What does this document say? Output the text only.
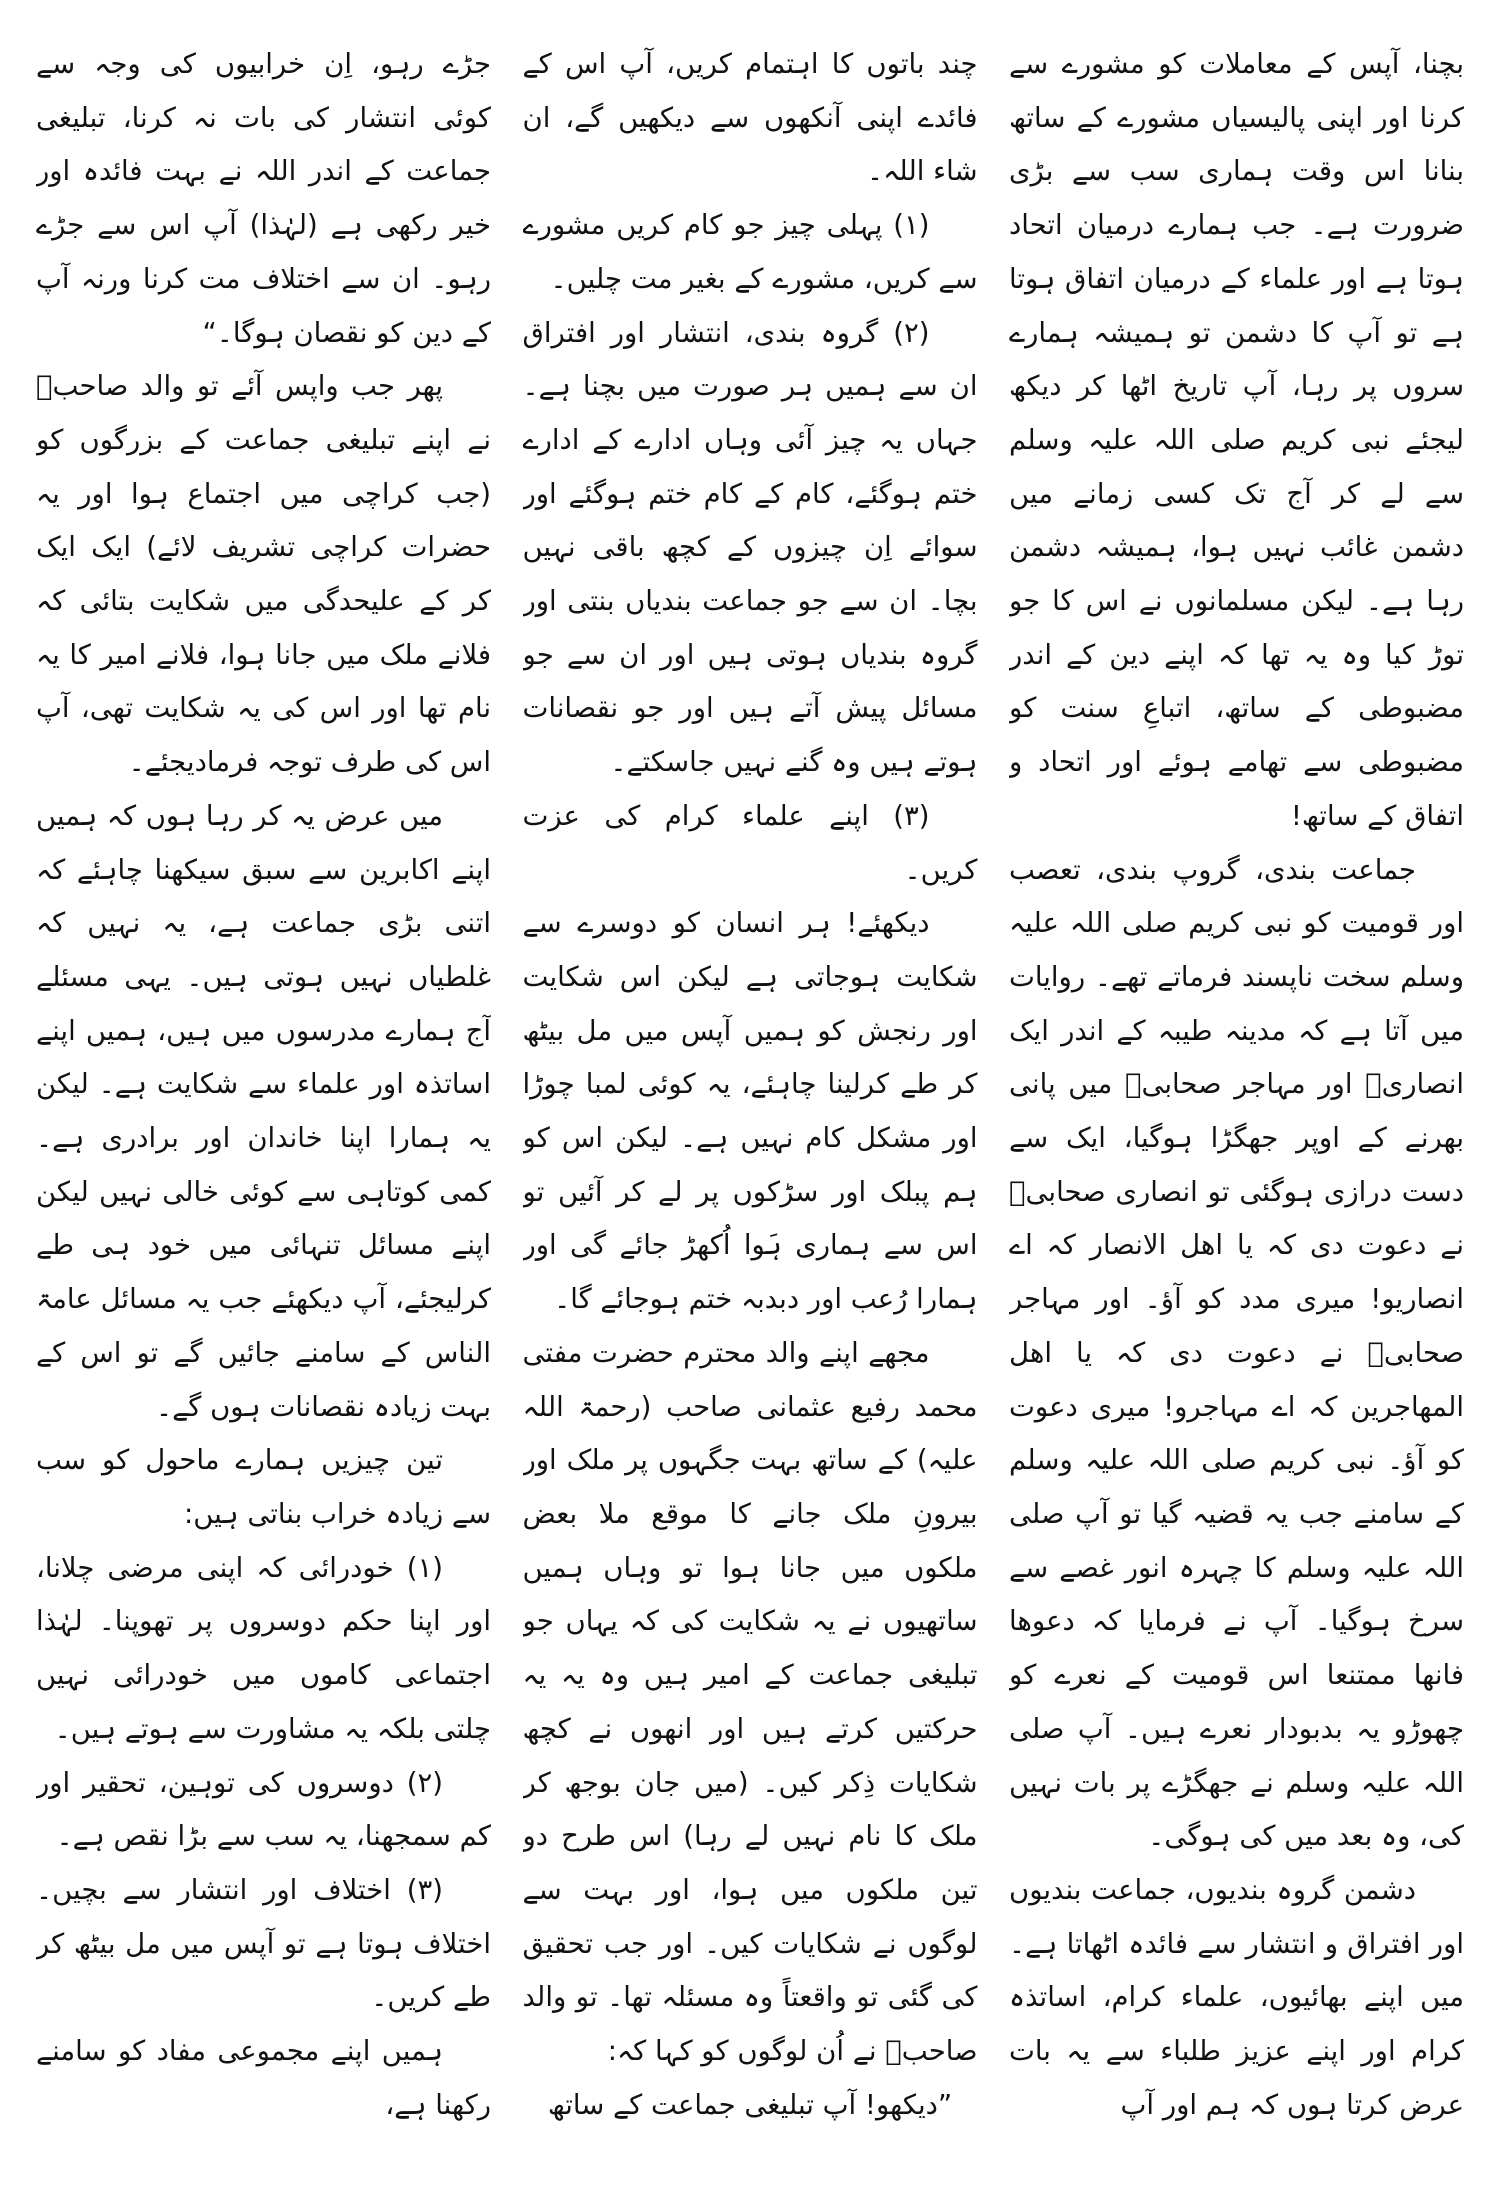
جڑے رہو، اِن خرابیوں کی وجہ سے کوئی انتشار کی بات نہ کرنا، تبلیغی جماعت کے اندر اللہ نے بہت فائدہ اور خیر رکھی ہے (لہٰذا) آپ اس سے جڑے رہو۔ ان سے اختلاف مت کرنا ورنہ آپ کے دین کو نقصان ہوگا۔“
پھر جب واپس آئے تو والد صاحبؒ نے اپنے تبلیغی جماعت کے بزرگوں کو (جب کراچی میں اجتماع ہوا اور یہ حضرات کراچی تشریف لائے) ایک ایک کر کے علیحدگی میں شکایت بتائی کہ فلانے ملک میں جانا ہوا، فلانے امیر کا یہ نام تھا اور اس کی یہ شکایت تھی، آپ اس کی طرف توجہ فرمادیجئے۔
میں عرض یہ کر رہا ہوں کہ ہمیں اپنے اکابرین سے سبق سیکھنا چاہئے کہ اتنی بڑی جماعت ہے، یہ نہیں کہ غلطیاں نہیں ہوتی ہیں۔ یہی مسئلے آج ہمارے مدرسوں میں ہیں، ہمیں اپنے اساتذہ اور علماء سے شکایت ہے۔ لیکن یہ ہمارا اپنا خاندان اور برادری ہے۔ کمی کوتاہی سے کوئی خالی نہیں لیکن اپنے مسائل تنہائی میں خود ہی طے کرلیجئے، آپ دیکھئے جب یہ مسائل عامۃ الناس کے سامنے جائیں گے تو اس کے بہت زیادہ نقصانات ہوں گے۔
تین چیزیں ہمارے ماحول کو سب سے زیادہ خراب بناتی ہیں:
(۱) خودرائی کہ اپنی مرضی چلانا، اور اپنا حکم دوسروں پر تھوپنا۔ لہٰذا اجتماعی کاموں میں خودرائی نہیں چلتی بلکہ یہ مشاورت سے ہوتے ہیں۔
(۲) دوسروں کی توہین، تحقیر اور کم سمجھنا، یہ سب سے بڑا نقص ہے۔
(۳) اختلاف اور انتشار سے بچیں۔ اختلاف ہوتا ہے تو آپس میں مل بیٹھ کر طے کریں۔
ہمیں اپنے مجموعی مفاد کو سامنے رکھنا ہے،
چند باتوں کا اہتمام کریں، آپ اس کے فائدے اپنی آنکھوں سے دیکھیں گے، ان شاء اللہ۔
(۱) پہلی چیز جو کام کریں مشورے سے کریں، مشورے کے بغیر مت چلیں۔
(۲) گروہ بندی، انتشار اور افتراق ان سے ہمیں ہر صورت میں بچنا ہے۔ جہاں یہ چیز آئی وہاں ادارے کے ادارے ختم ہوگئے، کام کے کام ختم ہوگئے اور سوائے اِن چیزوں کے کچھ باقی نہیں بچا۔ ان سے جو جماعت بندیاں بنتی اور گروہ بندیاں ہوتی ہیں اور ان سے جو مسائل پیش آتے ہیں اور جو نقصانات ہوتے ہیں وہ گنے نہیں جاسکتے۔
(۳) اپنے علماء کرام کی عزت کریں۔
دیکھئے! ہر انسان کو دوسرے سے شکایت ہوجاتی ہے لیکن اس شکایت اور رنجش کو ہمیں آپس میں مل بیٹھ کر طے کرلینا چاہئے، یہ کوئی لمبا چوڑا اور مشکل کام نہیں ہے۔ لیکن اس کو ہم پبلک اور سڑکوں پر لے کر آئیں تو اس سے ہماری ہَوا اُکھڑ جائے گی اور ہمارا رُعب اور دبدبہ ختم ہوجائے گا۔
مجھے اپنے والد محترم حضرت مفتی محمد رفیع عثمانی صاحب (رحمۃ اللہ علیہ) کے ساتھ بہت جگہوں پر ملک اور بیرونِ ملک جانے کا موقع ملا بعض ملکوں میں جانا ہوا تو وہاں ہمیں ساتھیوں نے یہ شکایت کی کہ یہاں جو تبلیغی جماعت کے امیر ہیں وہ یہ یہ حرکتیں کرتے ہیں اور انھوں نے کچھ شکایات ذِکر کیں۔ (میں جان بوجھ کر ملک کا نام نہیں لے رہا) اس طرح دو تین ملکوں میں ہوا، اور بہت سے لوگوں نے شکایات کیں۔ اور جب تحقیق کی گئی تو واقعتاً وہ مسئلہ تھا۔ تو والد صاحبؒ نے اُن لوگوں کو کہا کہ:
”دیکھو! آپ تبلیغی جماعت کے ساتھ
بچنا، آپس کے معاملات کو مشورے سے کرنا اور اپنی پالیسیاں مشورے کے ساتھ بنانا اس وقت ہماری سب سے بڑی ضرورت ہے۔ جب ہمارے درمیان اتحاد ہوتا ہے اور علماء کے درمیان اتفاق ہوتا ہے تو آپ کا دشمن تو ہمیشہ ہمارے سروں پر رہا، آپ تاریخ اٹھا کر دیکھ لیجئے نبی کریم صلی اللہ علیہ وسلم سے لے کر آج تک کسی زمانے میں دشمن غائب نہیں ہوا، ہمیشہ دشمن رہا ہے۔ لیکن مسلمانوں نے اس کا جو توڑ کیا وہ یہ تھا کہ اپنے دین کے اندر مضبوطی کے ساتھ، اتباعِ سنت کو مضبوطی سے تھامے ہوئے اور اتحاد و اتفاق کے ساتھ!
جماعت بندی، گروپ بندی، تعصب اور قومیت کو نبی کریم صلی اللہ علیہ وسلم سخت ناپسند فرماتے تھے۔ روایات میں آتا ہے کہ مدینہ طیبہ کے اندر ایک انصاریؓ اور مہاجر صحابیؓ میں پانی بھرنے کے اوپر جھگڑا ہوگیا، ایک سے دست درازی ہوگئی تو انصاری صحابیؓ نے دعوت دی کہ یا اھل الانصار کہ اے انصاریو! میری مدد کو آؤ۔ اور مہاجر صحابیؓ نے دعوت دی کہ یا اھل المھاجرین کہ اے مہاجرو! میری دعوت کو آؤ۔ نبی کریم صلی اللہ علیہ وسلم کے سامنے جب یہ قضیہ گیا تو آپ صلی اللہ علیہ وسلم کا چہرہ انور غصے سے سرخ ہوگیا۔ آپ نے فرمایا کہ دعوھا فانھا ممتنعا اس قومیت کے نعرے کو چھوڑو یہ بدبودار نعرے ہیں۔ آپ صلی اللہ علیہ وسلم نے جھگڑے پر بات نہیں کی، وہ بعد میں کی ہوگی۔
دشمن گروہ بندیوں، جماعت بندیوں اور افتراق و انتشار سے فائدہ اٹھاتا ہے۔ میں اپنے بھائیوں، علماء کرام، اساتذہ کرام اور اپنے عزیز طلباء سے یہ بات عرض کرتا ہوں کہ ہم اور آپ
